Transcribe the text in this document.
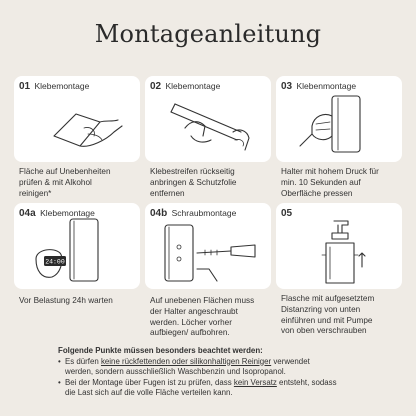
Montageanleitung
01 Klebemontage
Fläche auf Unebenheiten
prüfen & mit Alkohol
reinigen*
02 Klebemontage
Klebestreifen rückseitig
anbringen & Schutzfolie
entfernen
03 Klebenmontage
Halter mit hohem Druck für
min. 10 Sekunden auf
Oberfläche pressen
04a Klebemontage
24:00
Vor Belastung 24h warten
04b Schraubmontage
Auf unebenen Flächen muss
der Halter angeschraubt
werden. Löcher vorher
aufbiegen/ aufbohren.
05
Flasche mit aufgesetztem
Distanzring von unten
einführen und mit Pumpe
von oben verschrauben
Folgende Punkte müssen besonders beachtet werden:
• Es dürfen keine rückfettenden oder silikonhaltigen Reiniger verwendet
werden, sondern ausschließlich Waschbenzin und Isopropanol.
• Bei der Montage über Fugen ist zu prüfen, dass kein Versatz entsteht, sodass
die Last sich auf die volle Fläche verteilen kann.
